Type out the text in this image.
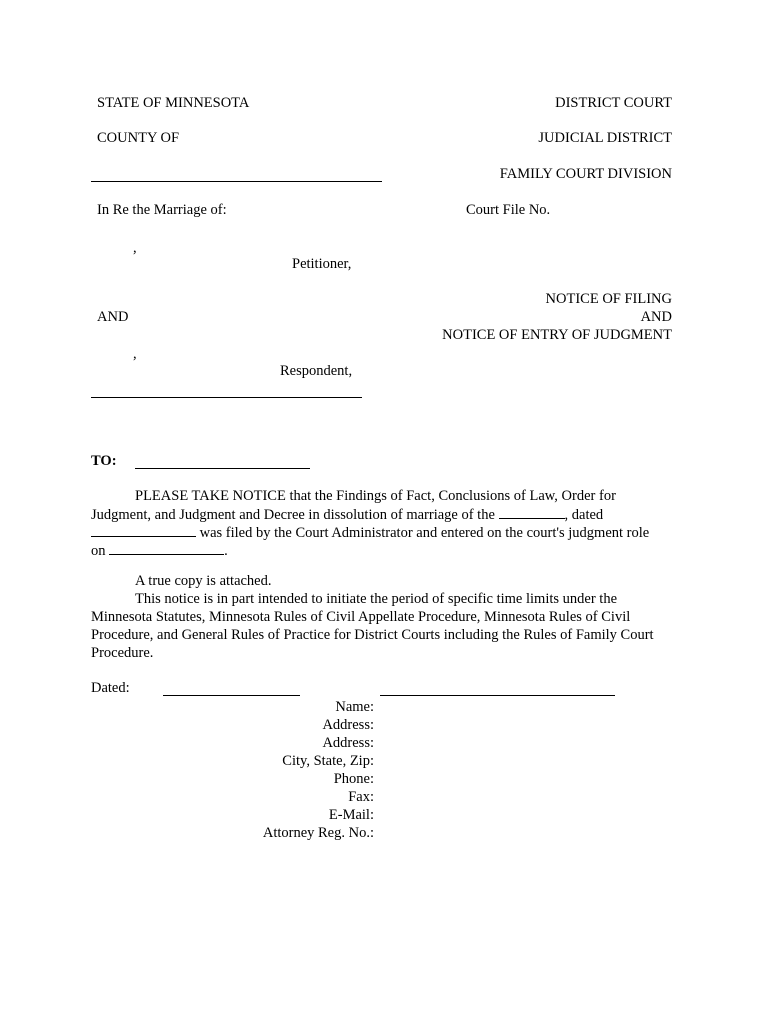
STATE OF MINNESOTA	DISTRICT COURT
COUNTY OF	JUDICIAL DISTRICT
FAMILY COURT DIVISION
In Re the Marriage of:	Court File No.
,
Petitioner,
NOTICE OF FILING
AND	AND
NOTICE OF ENTRY OF JUDGMENT
,
Respondent,
TO:
PLEASE TAKE NOTICE that the Findings of Fact, Conclusions of Law, Order for
Judgment, and Judgment and Decree in dissolution of marriage of the	, dated
was filed by the Court Administrator and entered on the court's judgment role
on	.
A true copy is attached.
This notice is in part intended to initiate the period of specific time limits under the
Minnesota Statutes, Minnesota Rules of Civil Appellate Procedure, Minnesota Rules of Civil
Procedure, and General Rules of Practice for District Courts including the Rules of Family Court
Procedure.
Dated:
Name:
Address:
Address:
City, State, Zip:
Phone:
Fax:
E-Mail:
Attorney Reg. No.:
